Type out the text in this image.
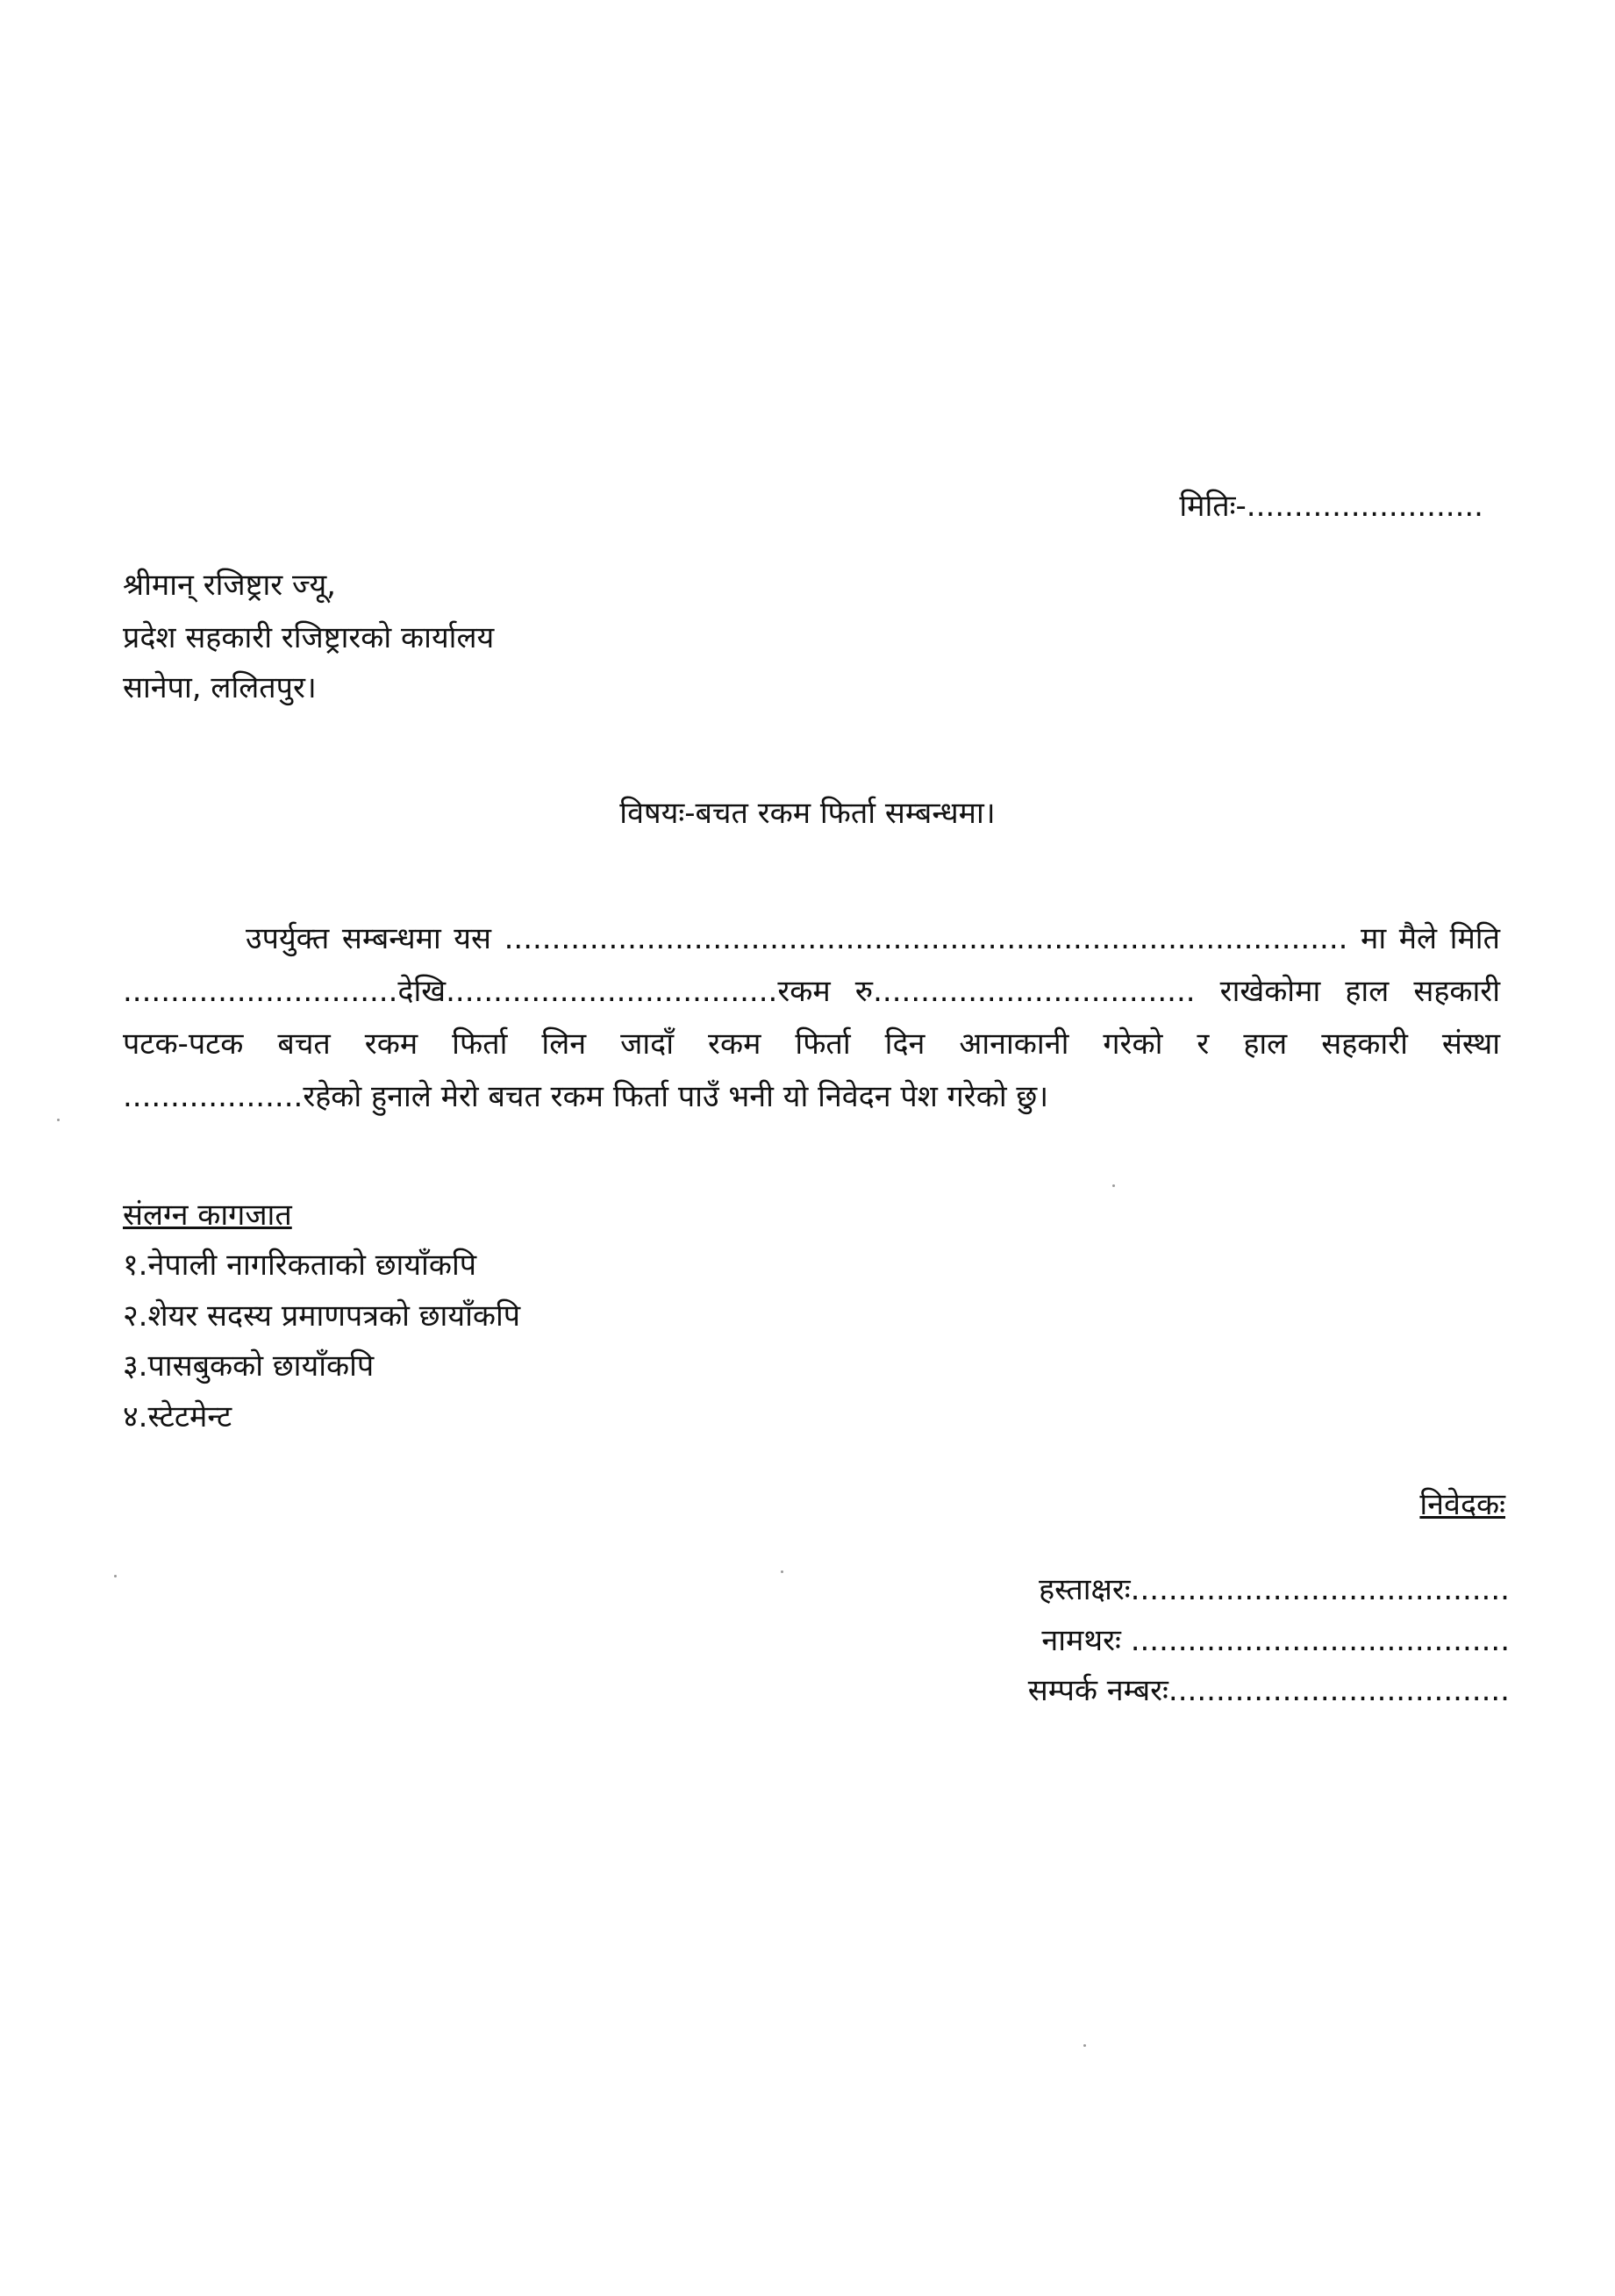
मितिः-.........................
श्रीमान् रजिष्ट्रार ज्यू,
प्रदेश सहकारी रजिष्ट्रारको कार्यालय
सानेपा, ललितपुर।
विषयः-बचत रकम फिर्ता सम्बन्धमा।
उपर्युक्त सम्बन्धमा यस ......................................................................................... मा मैले मिति
.............................देखि...................................रकम रु.................................. राखेकोमा हाल सहकारी
पटक-पटक बचत रकम फिर्ता लिन जादाँ रकम फिर्ता दिन आनाकानी गरेको र हाल सहकारी संस्था
...................रहेको हुनाले मेरो बचत रकम फिर्ता पाउँ भनी यो निवेदन पेश गरेको छु।
संलग्न कागजात
१.नेपाली नागरिकताको छायाँकपि
२.शेयर सदस्य प्रमाणपत्रको छायाँकपि
३.पासबुकको छायाँकपि
४.स्टेटमेन्ट
निवेदकः
हस्ताक्षरः........................................
नामथरः ........................................
सम्पर्क नम्बरः....................................
